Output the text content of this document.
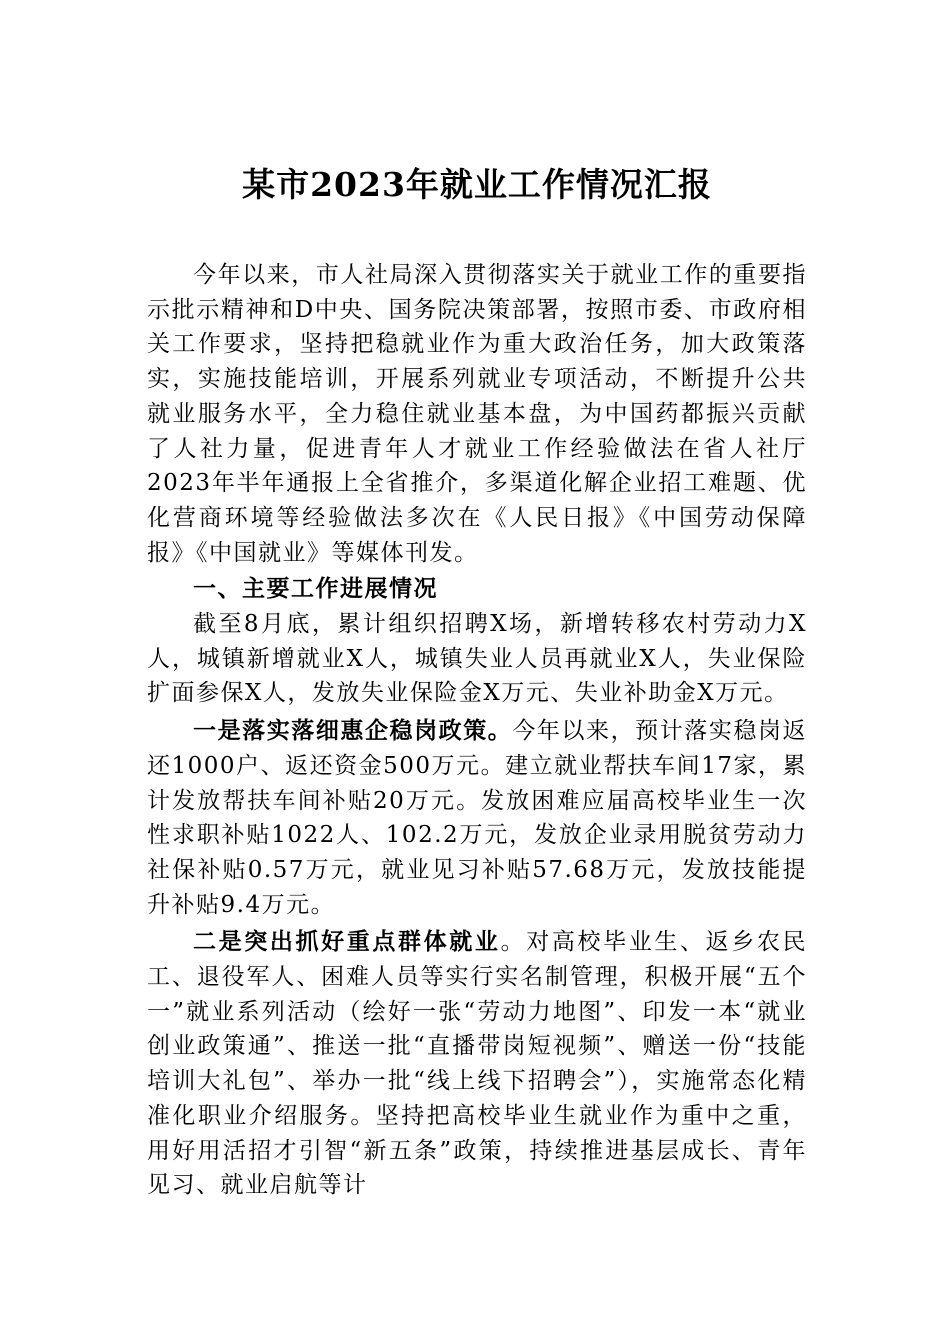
某市2023年就业工作情况汇报

今年以来，市人社局深入贯彻落实关于就业工作的重要指示批示精神和D中央、国务院决策部署，按照市委、市政府相关工作要求，坚持把稳就业作为重大政治任务，加大政策落实，实施技能培训，开展系列就业专项活动，不断提升公共就业服务水平，全力稳住就业基本盘，为中国药都振兴贡献了人社力量，促进青年人才就业工作经验做法在省人社厅2023年半年通报上全省推介，多渠道化解企业招工难题、优化营商环境等经验做法多次在《人民日报》《中国劳动保障报》《中国就业》等媒体刊发。

一、主要工作进展情况

截至8月底，累计组织招聘X场，新增转移农村劳动力X人，城镇新增就业X人，城镇失业人员再就业X人，失业保险扩面参保X人，发放失业保险金X万元、失业补助金X万元。

一是落实落细惠企稳岗政策。今年以来，预计落实稳岗返还1000户、返还资金500万元。建立就业帮扶车间17家，累计发放帮扶车间补贴20万元。发放困难应届高校毕业生一次性求职补贴1022人、102.2万元，发放企业录用脱贫劳动力社保补贴0.57万元，就业见习补贴57.68万元，发放技能提升补贴9.4万元。

二是突出抓好重点群体就业。对高校毕业生、返乡农民工、退役军人、困难人员等实行实名制管理，积极开展“五个一”就业系列活动（绘好一张“劳动力地图”、印发一本“就业创业政策通”、推送一批“直播带岗短视频”、赠送一份“技能培训大礼包”、举办一批“线上线下招聘会”），实施常态化精准化职业介绍服务。坚持把高校毕业生就业作为重中之重，用好用活招才引智“新五条”政策，持续推进基层成长、青年见习、就业启航等计
